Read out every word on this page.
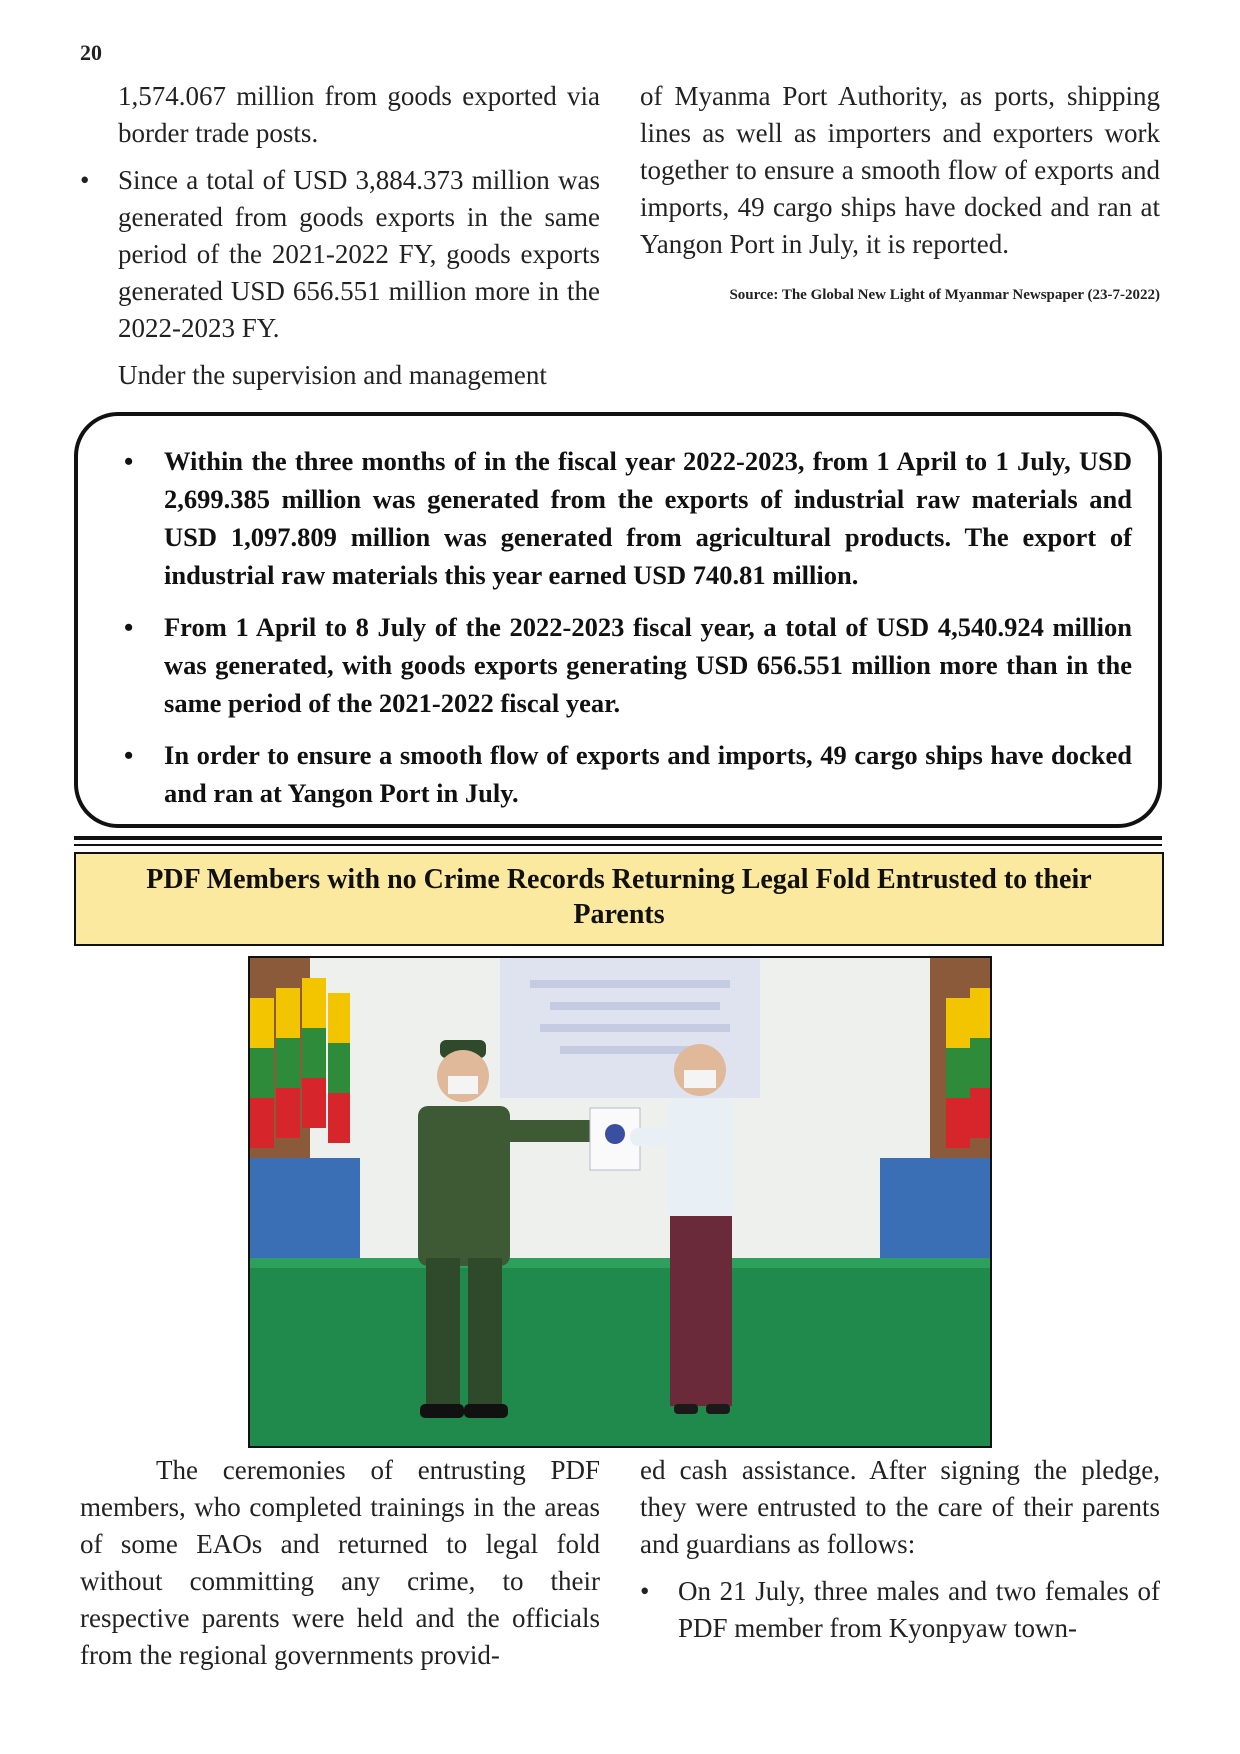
20

1,574.067 million from goods exported via border trade posts.

• Since a total of USD 3,884.373 million was generated from goods exports in the same period of the 2021-2022 FY, goods exports generated USD 656.551 million more in the 2022-2023 FY.

Under the supervision and management

of Myanma Port Authority, as ports, shipping lines as well as importers and exporters work together to ensure a smooth flow of exports and imports, 49 cargo ships have docked and ran at Yangon Port in July, it is reported.

Source: The Global New Light of Myanmar Newspaper (23-7-2022)

• Within the three months of in the fiscal year 2022-2023, from 1 April to 1 July, USD 2,699.385 million was generated from the exports of industrial raw materials and USD 1,097.809 million was generated from agricultural products. The export of industrial raw materials this year earned USD 740.81 million.
• From 1 April to 8 July of the 2022-2023 fiscal year, a total of USD 4,540.924 million was generated, with goods exports generating USD 656.551 million more than in the same period of the 2021-2022 fiscal year.
• In order to ensure a smooth flow of exports and imports, 49 cargo ships have docked and ran at Yangon Port in July.
PDF Members with no Crime Records Returning Legal Fold Entrusted to their
Parents

The ceremonies of entrusting PDF members, who completed trainings in the areas of some EAOs and returned to legal fold without committing any crime, to their respective parents were held and the officials from the regional governments provid-

ed cash assistance. After signing the pledge, they were entrusted to the care of their parents and guardians as follows:

• On 21 July, three males and two females of PDF member from Kyonpyaw town-
